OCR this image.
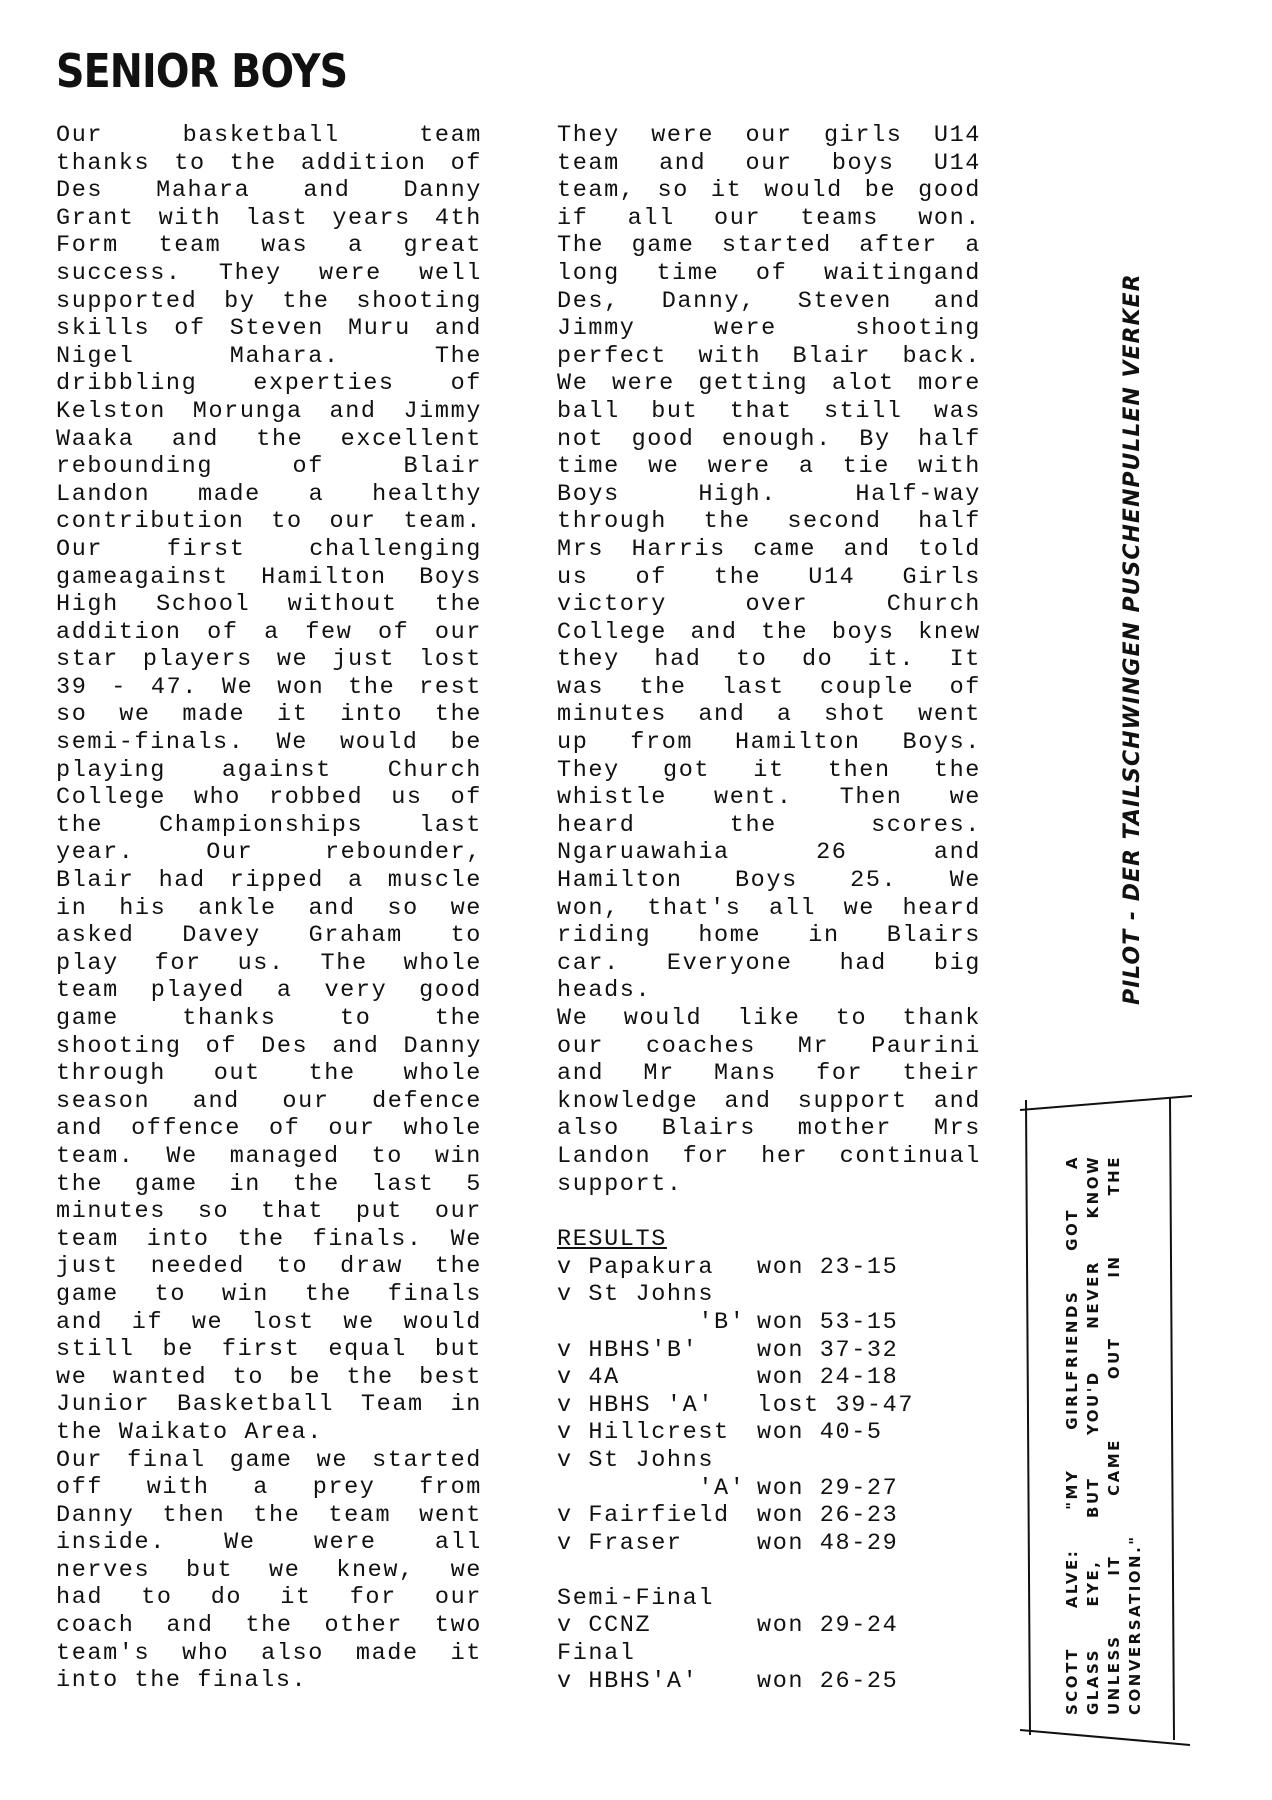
SENIOR BOYS
Our basketball team
thanks to the addition of
Des Mahara and Danny
Grant with last years 4th
Form team was a great
success. They were well
supported by the shooting
skills of Steven Muru and
Nigel Mahara. The
dribbling experties of
Kelston Morunga and Jimmy
Waaka and the excellent
rebounding of Blair
Landon made a healthy
contribution to our team.
Our first challenging
gameagainst Hamilton Boys
High School without the
addition of a few of our
star players we just lost
39 - 47. We won the rest
so we made it into the
semi-finals. We would be
playing against Church
College who robbed us of
the Championships last
year. Our rebounder,
Blair had ripped a muscle
in his ankle and so we
asked Davey Graham to
play for us. The whole
team played a very good
game thanks to the
shooting of Des and Danny
through out the whole
season and our defence
and offence of our whole
team. We managed to win
the game in the last 5
minutes so that put our
team into the finals. We
just needed to draw the
game to win the finals
and if we lost we would
still be first equal but
we wanted to be the best
Junior Basketball Team in
the Waikato Area.
Our final game we started
off with a prey from
Danny then the team went
inside. We were all
nerves but we knew, we
had to do it for our
coach and the other two
team's who also made it
into the finals.
They were our girls U14
team and our boys U14
team, so it would be good
if all our teams won.
The game started after a
long time of waitingand
Des, Danny, Steven and
Jimmy were shooting
perfect with Blair back.
We were getting alot more
ball but that still was
not good enough. By half
time we were a tie with
Boys High. Half-way
through the second half
Mrs Harris came and told
us of the U14 Girls
victory over Church
College and the boys knew
they had to do it. It
was the last couple of
minutes and a shot went
up from Hamilton Boys.
They got it then the
whistle went. Then we
heard the scores.
Ngaruawahia 26 and
Hamilton Boys 25. We
won, that's all we heard
riding home in Blairs
car. Everyone had big
heads.
We would like to thank
our coaches Mr Paurini
and Mr Mans for their
knowledge and support and
also Blairs mother Mrs
Landon for her continual
support.
RESULTS
v Papakura won 23-15
v St Johns
'B' won 53-15
v HBHS'B' won 37-32
v 4A	won 24-18
v HBHS 'A' lost 39-47
v Hillcrest won 40-5
v St Johns
'A' won 29-27
v Fairfield won 26-23
v Fraser	won 48-29
Semi-Final
v CCNZ	won 29-24
Final
v HBHS'A' won 26-25
PILOT - DER TAILSCHWINGEN PUSCHENPULLEN VERKER
SCOTT ALVE: "MY GIRLFRIENDS GOT A GLASS EYE, BUT YOU'D NEVER KNOW UNLESS IT CAME OUT IN THE CONVERSATION."
